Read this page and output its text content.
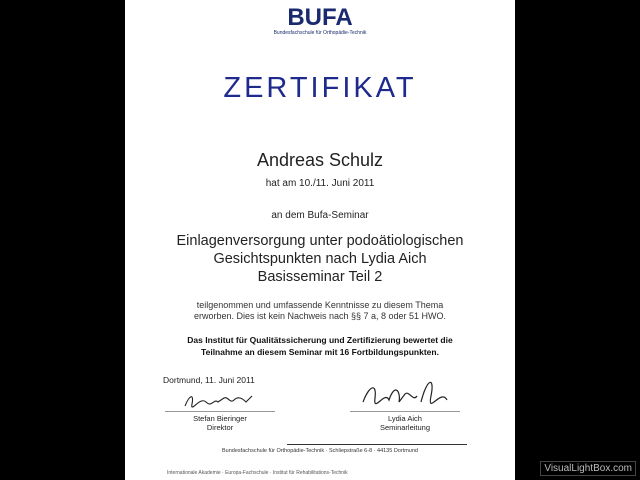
BUFA
Bundesfachschule für Orthopädie-Technik
ZERTIFIKAT
Andreas Schulz
hat am 10./11. Juni 2011
an dem Bufa-Seminar
Einlagenversorgung unter podoätiologischen
Gesichtspunkten nach Lydia Aich
Basisseminar Teil 2
teilgenommen und umfassende Kenntnisse zu diesem Thema
erworben. Dies ist kein Nachweis nach §§ 7 a, 8 oder 51 HWO.
Das Institut für Qualitätssicherung und Zertifizierung bewertet die
Teilnahme an diesem Seminar mit 16 Fortbildungspunkten.
Dortmund, 11. Juni 2011
Stefan Bieringer
Direktor
Lydia Aich
Seminarleitung
Bundesfachschule für Orthopädie-Technik · Schliepstraße 6-8 · 44135 Dortmund
Internationale Akademie · Europa-Fachschule · Institut für Rehabilitations-Technik	VisualLightBox.com
